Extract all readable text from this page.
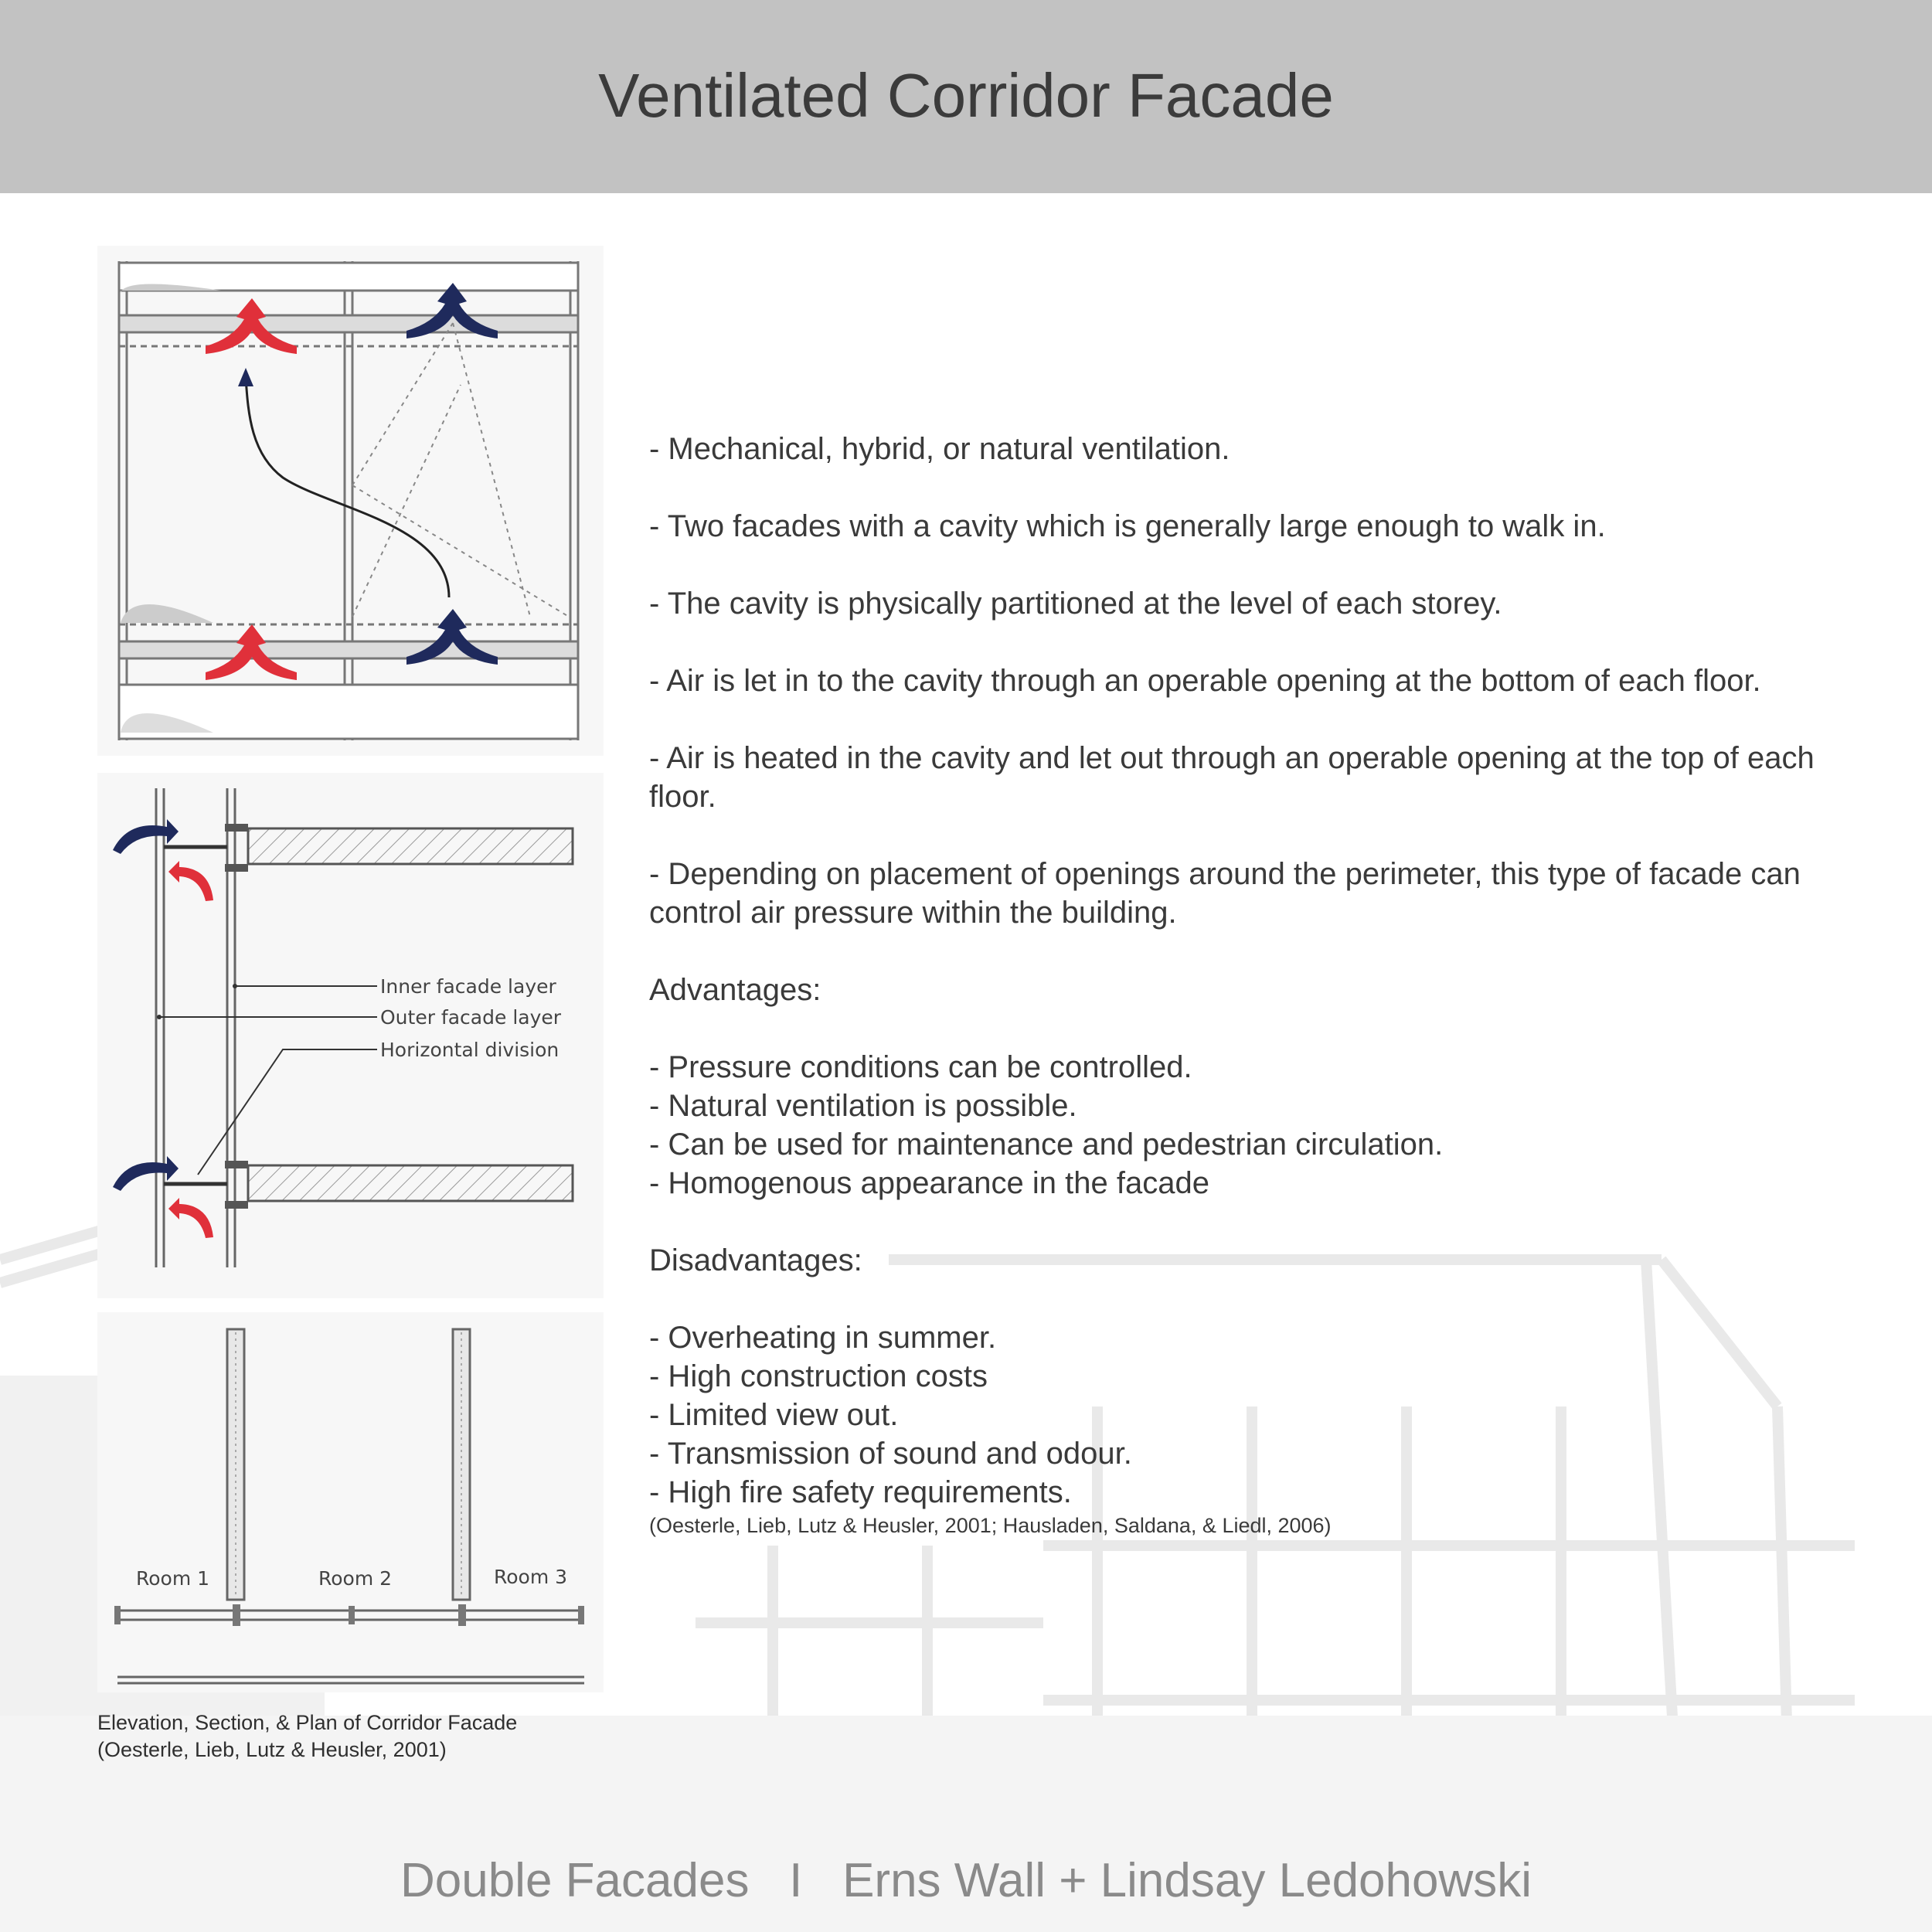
Ventilated Corridor Facade
Inner facade layer
Outer facade layer
Horizontal division
Room 1	Room 2	Room 3
Elevation, Section, & Plan of Corridor Facade
(Oesterle, Lieb, Lutz & Heusler, 2001)

- Mechanical, hybrid, or natural ventilation.

- Two facades with a cavity which is generally large enough to walk in.

- The cavity is physically partitioned at the level of each storey.

- Air is let in to the cavity through an operable opening at the bottom of each floor.

- Air is heated in the cavity and let out through an operable opening at the top of each floor.

- Depending on placement of openings around the perimeter, this type of facade can control air pressure within the building.

Advantages:

- Pressure conditions can be controlled.

- Natural ventilation is possible.

- Can be used for maintenance and pedestrian circulation.

- Homogenous appearance in the facade

Disadvantages:

- Overheating in summer.

- High construction costs

- Limited view out.

- Transmission of sound and odour.

- High fire safety requirements.

(Oesterle, Lieb, Lutz & Heusler, 2001; Hausladen, Saldana, & Liedl, 2006)

Double Facades I Erns Wall + Lindsay Ledohowski
